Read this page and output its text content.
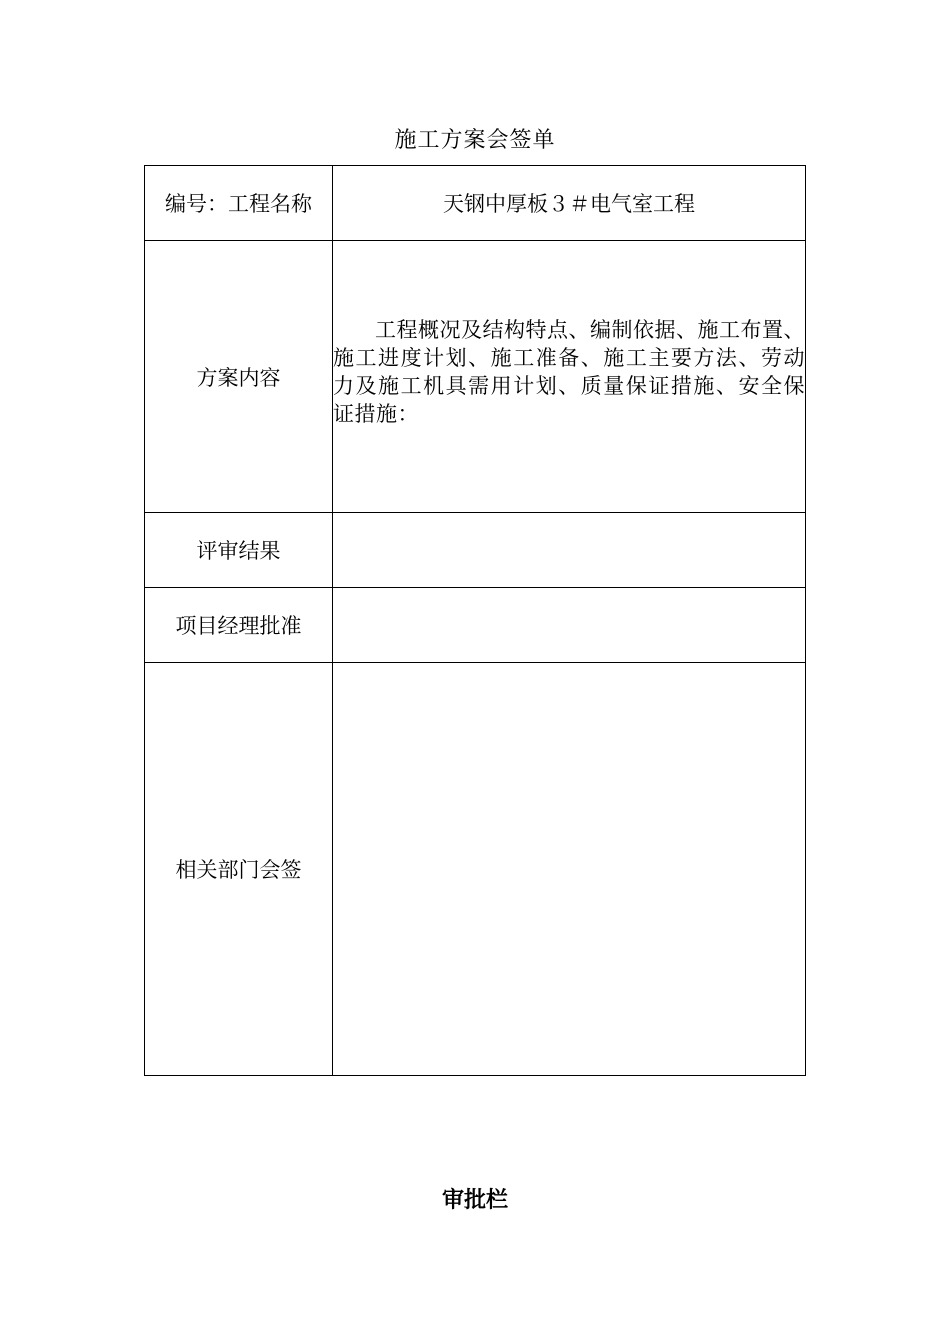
施工方案会签单
编号：工程名称	天钢中厚板３＃电气室工程
方案内容	工程概况及结构特点、编制依据、施工布置、施工进度计划、施工准备、施工主要方法、劳动力及施工机具需用计划、质量保证措施、安全保证措施：

评审结果	
项目经理批准	
相关部门会签	
审批栏
